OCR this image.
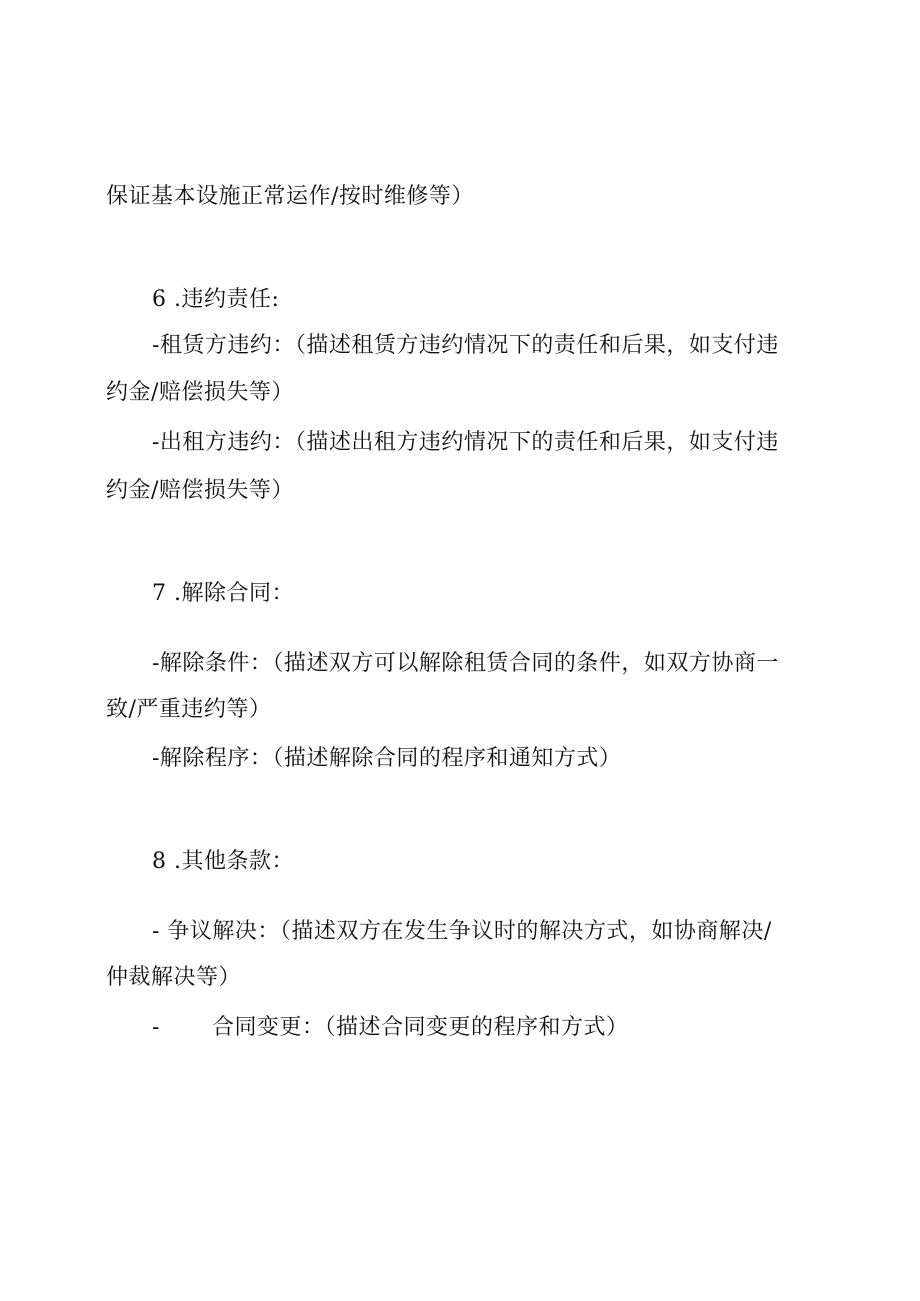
保证基本设施正常运作/按时维修等）
6 .违约责任:
-租赁方违约：（描述租赁方违约情况下的责任和后果，如支付违
约金/赔偿损失等）
-出租方违约：（描述出租方违约情况下的责任和后果，如支付违
约金/赔偿损失等）
7 .解除合同：
-解除条件：（描述双方可以解除租赁合同的条件，如双方协商一
致/严重违约等）
-解除程序：（描述解除合同的程序和通知方式）
8 .其他条款：
- 争议解决：（描述双方在发生争议时的解决方式，如协商解决/
仲裁解决等）
- 合同变更：（描述合同变更的程序和方式）
